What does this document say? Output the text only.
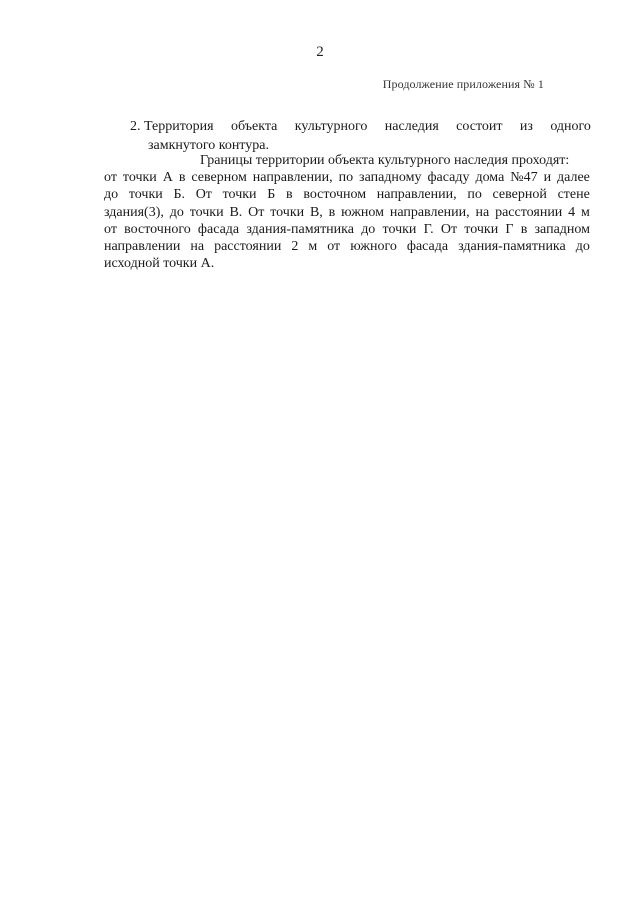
2
Продолжение приложения № 1
2. Территория объекта культурного наследия состоит из одного
замкнутого контура.
Границы территории объекта культурного наследия проходят:
от точки А в северном направлении, по западному фасаду дома №47 и далее
до точки Б. От точки Б в восточном направлении, по северной стене
здания(3), до точки В. От точки В, в южном направлении, на расстоянии 4 м
от восточного фасада здания-памятника до точки Г. От точки Г в западном
направлении на расстоянии 2 м от южного фасада здания-памятника до
исходной точки А.
